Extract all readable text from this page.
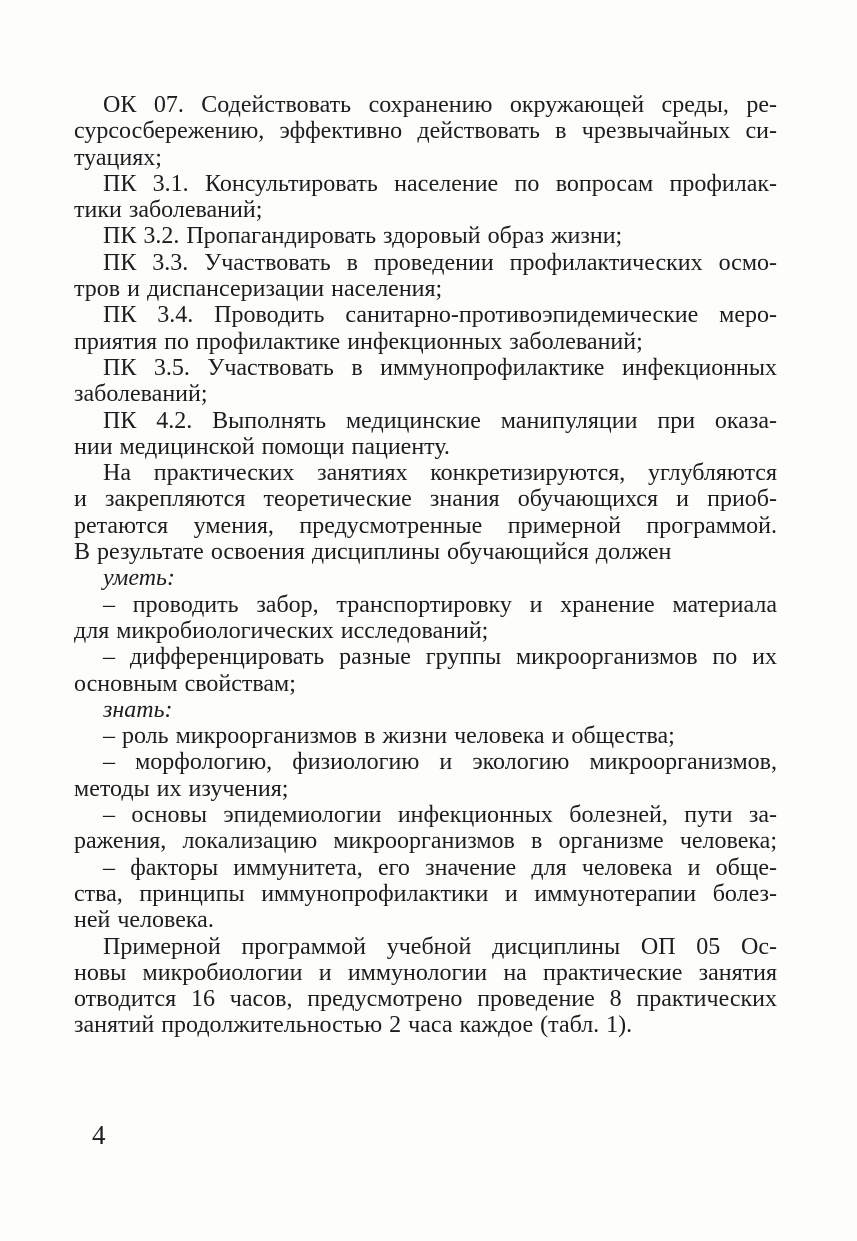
ОК 07. Содействовать сохранению окружающей среды, ре-
сурсосбережению, эффективно действовать в чрезвычайных си-
туациях;
ПК 3.1. Консультировать население по вопросам профилак-
тики заболеваний;
ПК 3.2. Пропагандировать здоровый образ жизни;
ПК 3.3. Участвовать в проведении профилактических осмо-
тров и диспансеризации населения;
ПК 3.4. Проводить санитарно-противоэпидемические меро-
приятия по профилактике инфекционных заболеваний;
ПК 3.5. Участвовать в иммунопрофилактике инфекционных
заболеваний;
ПК 4.2. Выполнять медицинские манипуляции при оказа-
нии медицинской помощи пациенту.
На практических занятиях конкретизируются, углубляются
и закрепляются теоретические знания обучающихся и приоб-
ретаются умения, предусмотренные примерной программой.
В результате освоения дисциплины обучающийся должен
уметь:
– проводить забор, транспортировку и хранение материала
для микробиологических исследований;
– дифференцировать разные группы микроорганизмов по их
основным свойствам;
знать:
– роль микроорганизмов в жизни человека и общества;
– морфологию, физиологию и экологию микроорганизмов,
методы их изучения;
– основы эпидемиологии инфекционных болезней, пути за-
ражения, локализацию микроорганизмов в организме человека;
– факторы иммунитета, его значение для человека и обще-
ства, принципы иммунопрофилактики и иммунотерапии болез-
ней человека.
Примерной программой учебной дисциплины ОП 05 Ос-
новы микробиологии и иммунологии на практические занятия
отводится 16 часов, предусмотрено проведение 8 практических
занятий продолжительностью 2 часа каждое (табл. 1).
4
